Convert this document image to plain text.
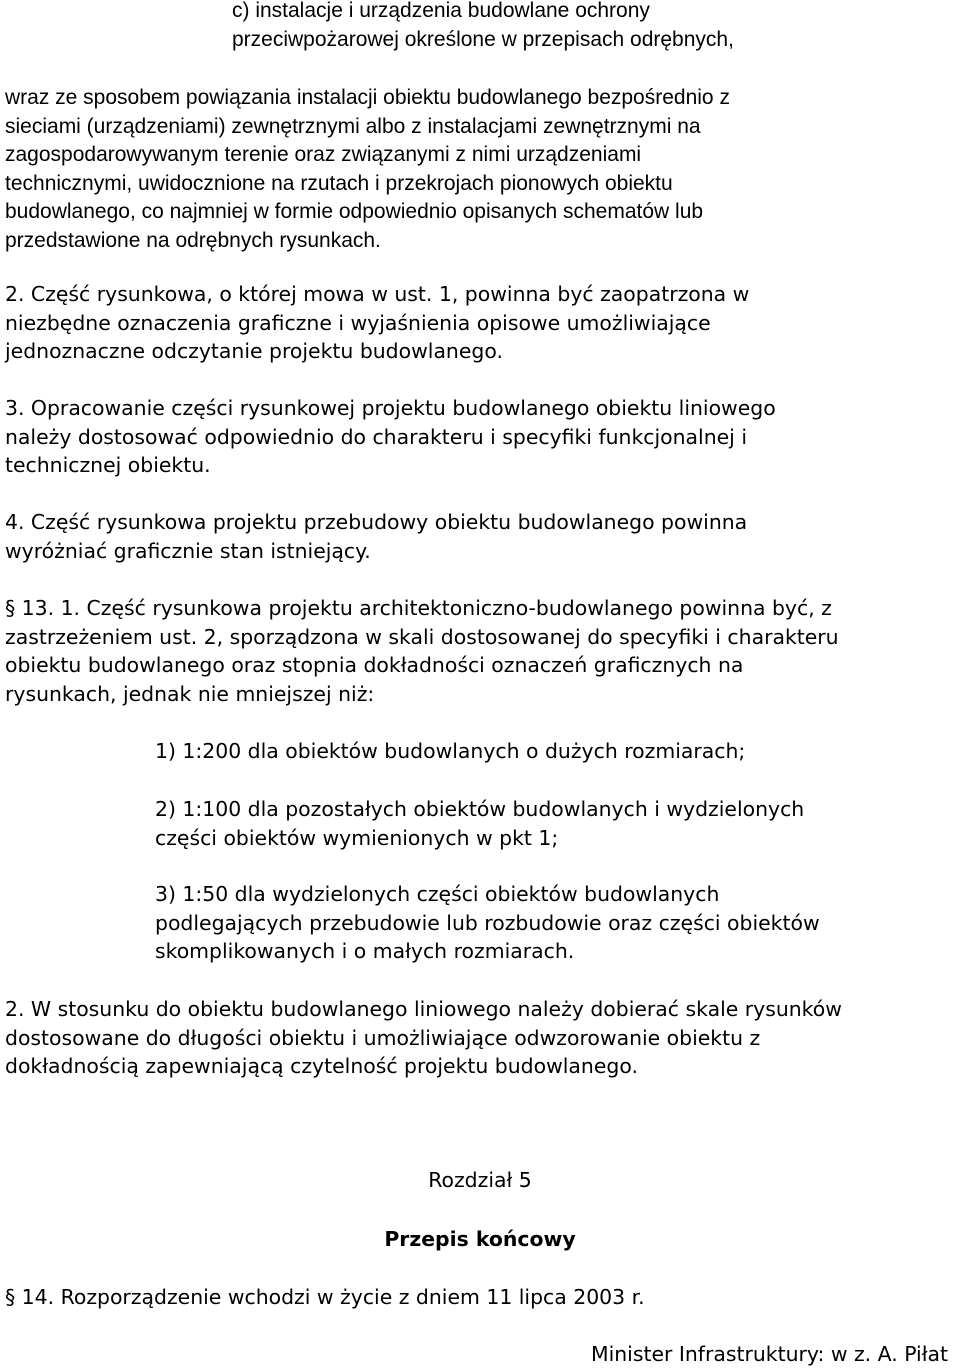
c) instalacje i urządzenia budowlane ochrony
przeciwpożarowej określone w przepisach odrębnych,

wraz ze sposobem powiązania instalacji obiektu budowlanego bezpośrednio z
sieciami (urządzeniami) zewnętrznymi albo z instalacjami zewnętrznymi na
zagospodarowywanym terenie oraz związanymi z nimi urządzeniami
technicznymi, uwidocznione na rzutach i przekrojach pionowych obiektu
budowlanego, co najmniej w formie odpowiednio opisanych schematów lub
przedstawione na odrębnych rysunkach.

2. Część rysunkowa, o której mowa w ust. 1, powinna być zaopatrzona w
niezbędne oznaczenia graficzne i wyjaśnienia opisowe umożliwiające
jednoznaczne odczytanie projektu budowlanego.

3. Opracowanie części rysunkowej projektu budowlanego obiektu liniowego
należy dostosować odpowiednio do charakteru i specyfiki funkcjonalnej i
technicznej obiektu.

4. Część rysunkowa projektu przebudowy obiektu budowlanego powinna
wyróżniać graficznie stan istniejący.

§ 13. 1. Część rysunkowa projektu architektoniczno-budowlanego powinna być, z
zastrzeżeniem ust. 2, sporządzona w skali dostosowanej do specyfiki i charakteru
obiektu budowlanego oraz stopnia dokładności oznaczeń graficznych na
rysunkach, jednak nie mniejszej niż:

1) 1:200 dla obiektów budowlanych o dużych rozmiarach;

2) 1:100 dla pozostałych obiektów budowlanych i wydzielonych
części obiektów wymienionych w pkt 1;

3) 1:50 dla wydzielonych części obiektów budowlanych
podlegających przebudowie lub rozbudowie oraz części obiektów
skomplikowanych i o małych rozmiarach.

2. W stosunku do obiektu budowlanego liniowego należy dobierać skale rysunków
dostosowane do długości obiektu i umożliwiające odwzorowanie obiektu z
dokładnością zapewniającą czytelność projektu budowlanego.

Rozdział 5

Przepis końcowy

§ 14. Rozporządzenie wchodzi w życie z dniem 11 lipca 2003 r.

Minister Infrastruktury: w z. A. Piłat
